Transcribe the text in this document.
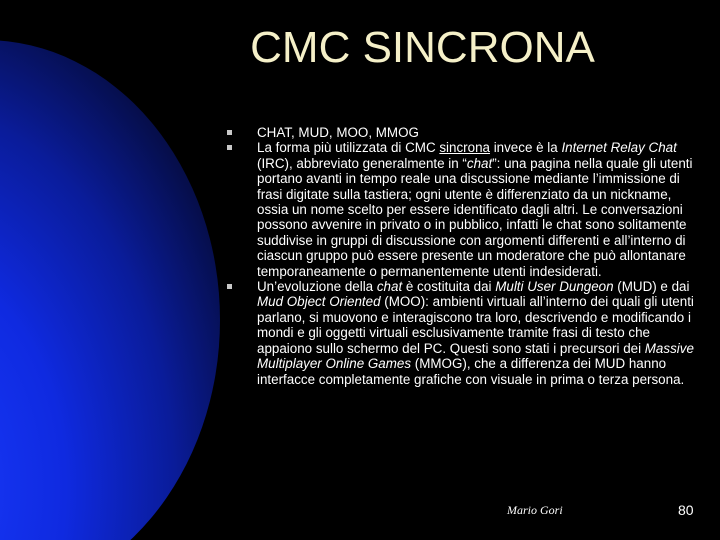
CMC SINCRONA
CHAT, MUD, MOO, MMOG
La forma più utilizzata di CMC sincrona invece è la Internet Relay Chat (IRC), abbreviato generalmente in “chat”: una pagina nella quale gli utenti portano avanti in tempo reale una discussione mediante l’immissione di frasi digitate sulla tastiera; ogni utente è differenziato da un nickname, ossia un nome scelto per essere identificato dagli altri. Le conversazioni possono avvenire in privato o in pubblico, infatti le chat sono solitamente suddivise in gruppi di discussione con argomenti differenti e all’interno di ciascun gruppo può essere presente un moderatore che può allontanare temporaneamente o permanentemente utenti indesiderati.
Un’evoluzione della chat è costituita dai Multi User Dungeon (MUD) e dai Mud Object Oriented (MOO): ambienti virtuali all’interno dei quali gli utenti parlano, si muovono e interagiscono tra loro, descrivendo e modificando i mondi e gli oggetti virtuali esclusivamente tramite frasi di testo che appaiono sullo schermo del PC. Questi sono stati i precursori dei Massive Multiplayer Online Games (MMOG), che a differenza dei MUD hanno interfacce completamente grafiche con visuale in prima o terza persona.
Mario Gori	80
